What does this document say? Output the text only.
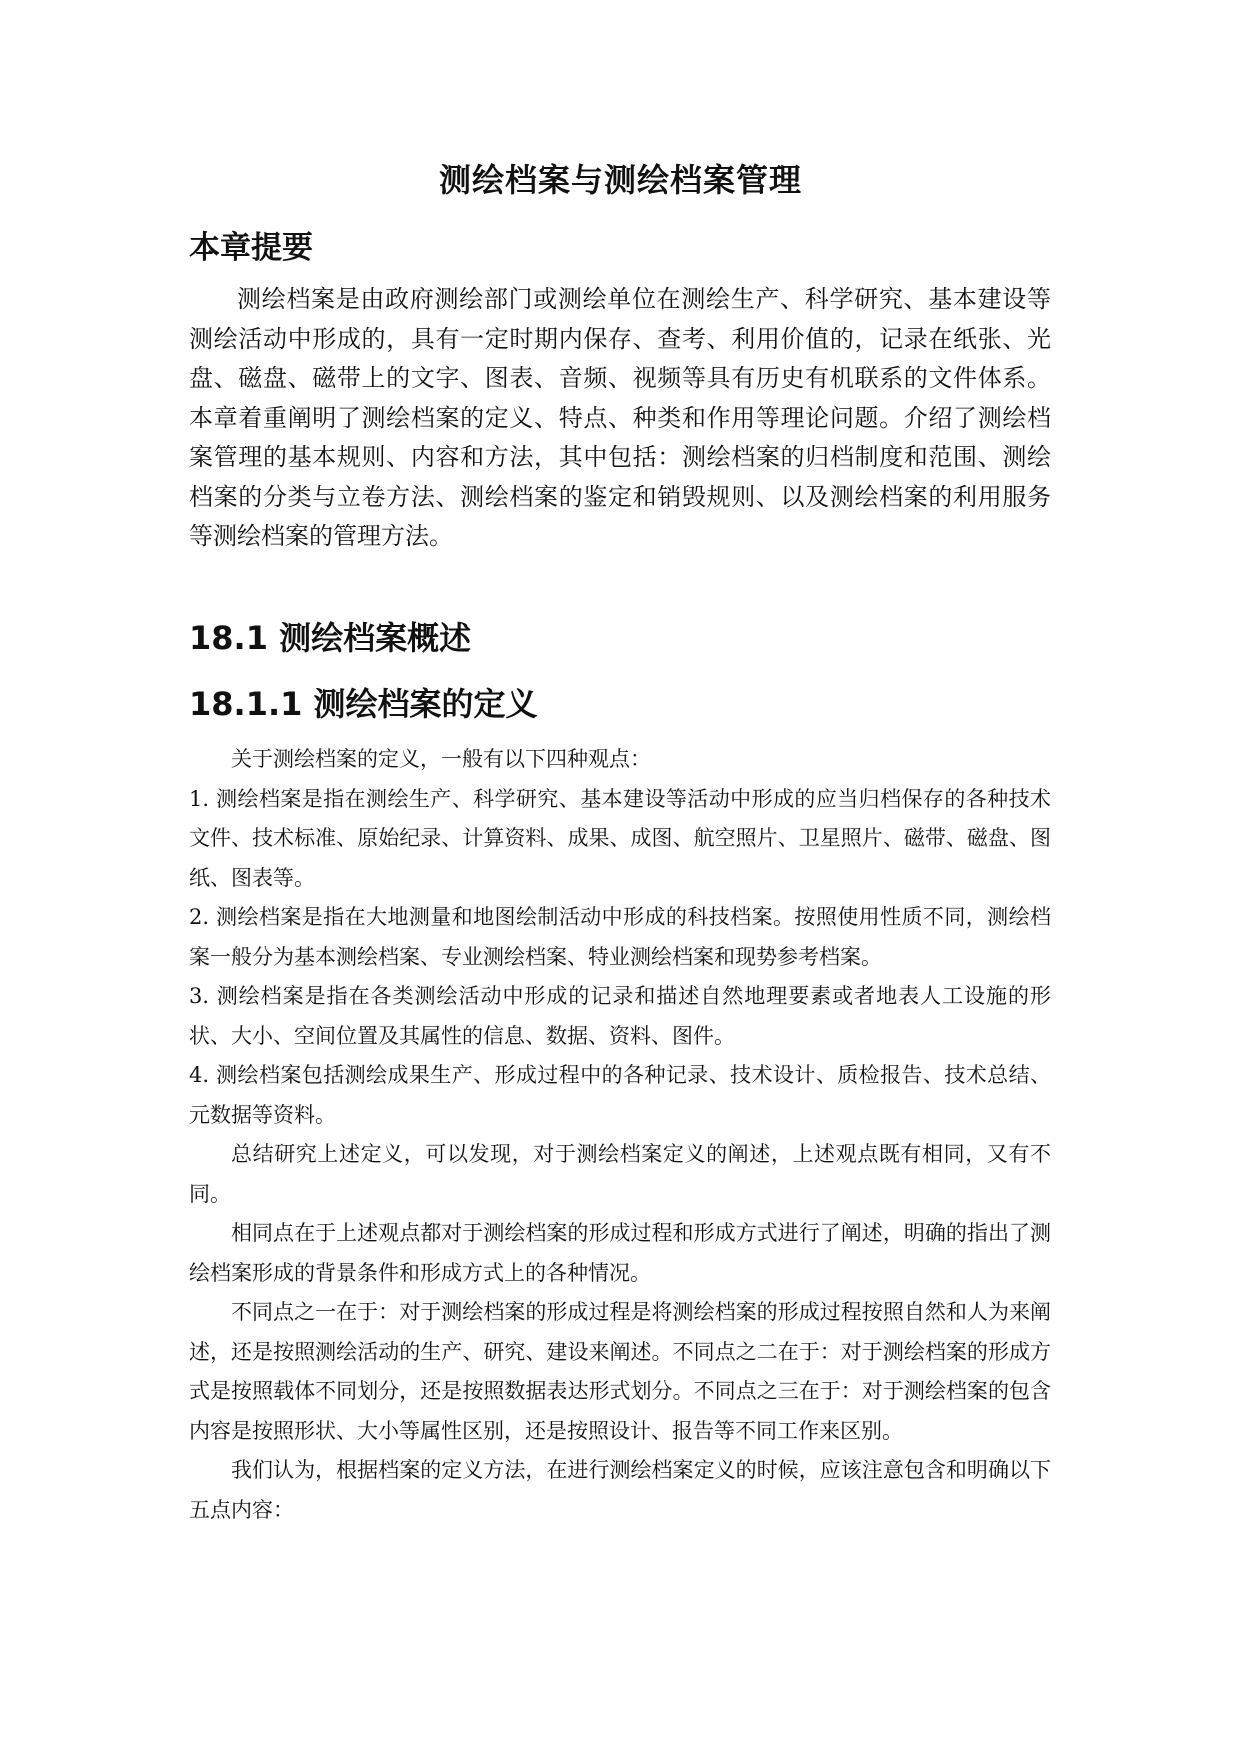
测绘档案与测绘档案管理
本章提要

测绘档案是由政府测绘部门或测绘单位在测绘生产、科学研究、基本建设等测绘活动中形成的，具有一定时期内保存、查考、利用价值的，记录在纸张、光盘、磁盘、磁带上的文字、图表、音频、视频等具有历史有机联系的文件体系。本章着重阐明了测绘档案的定义、特点、种类和作用等理论问题。介绍了测绘档案管理的基本规则、内容和方法，其中包括：测绘档案的归档制度和范围、测绘档案的分类与立卷方法、测绘档案的鉴定和销毁规则、以及测绘档案的利用服务等测绘档案的管理方法。

18.1 测绘档案概述
18.1.1 测绘档案的定义

关于测绘档案的定义，一般有以下四种观点：

1. 测绘档案是指在测绘生产、科学研究、基本建设等活动中形成的应当归档保存的各种技术文件、技术标准、原始纪录、计算资料、成果、成图、航空照片、卫星照片、磁带、磁盘、图纸、图表等。

2. 测绘档案是指在大地测量和地图绘制活动中形成的科技档案。按照使用性质不同，测绘档案一般分为基本测绘档案、专业测绘档案、特业测绘档案和现势参考档案。

3. 测绘档案是指在各类测绘活动中形成的记录和描述自然地理要素或者地表人工设施的形状、大小、空间位置及其属性的信息、数据、资料、图件。

4. 测绘档案包括测绘成果生产、形成过程中的各种记录、技术设计、质检报告、技术总结、元数据等资料。

总结研究上述定义，可以发现，对于测绘档案定义的阐述，上述观点既有相同，又有不同。

相同点在于上述观点都对于测绘档案的形成过程和形成方式进行了阐述，明确的指出了测绘档案形成的背景条件和形成方式上的各种情况。

不同点之一在于：对于测绘档案的形成过程是将测绘档案的形成过程按照自然和人为来阐述，还是按照测绘活动的生产、研究、建设来阐述。不同点之二在于：对于测绘档案的形成方式是按照载体不同划分，还是按照数据表达形式划分。不同点之三在于：对于测绘档案的包含内容是按照形状、大小等属性区别，还是按照设计、报告等不同工作来区别。

我们认为，根据档案的定义方法，在进行测绘档案定义的时候，应该注意包含和明确以下五点内容：
